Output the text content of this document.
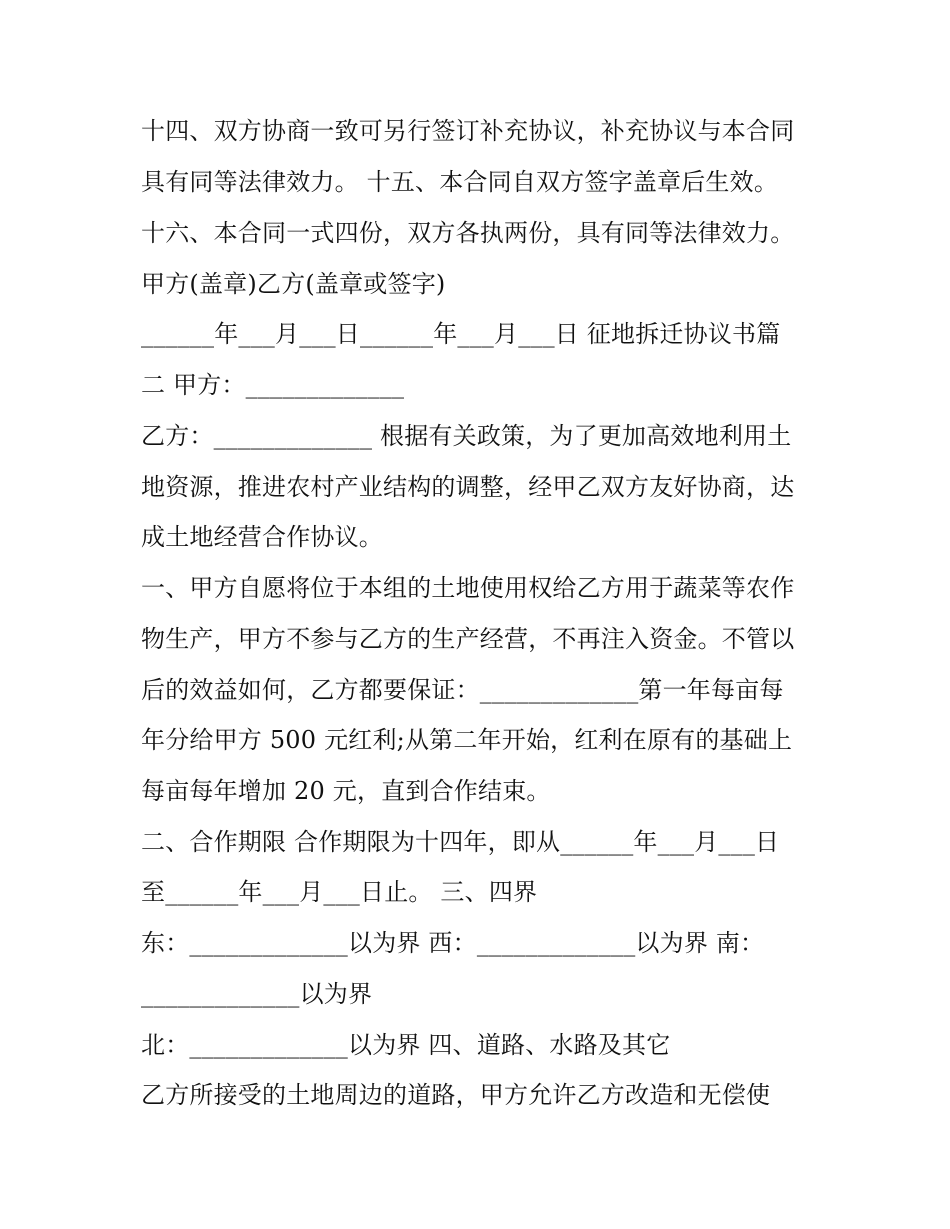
十四、双方协商一致可另行签订补充协议，补充协议与本合同
具有同等法律效力。 十五、本合同自双方签字盖章后生效。
十六、本合同一式四份，双方各执两份，具有同等法律效力。
甲方(盖章)乙方(盖章或签字)
______年___月___日______年___月___日 征地拆迁协议书篇
二 甲方：_____________
乙方：_____________ 根据有关政策，为了更加高效地利用土
地资源，推进农村产业结构的调整，经甲乙双方友好协商，达
成土地经营合作协议。
一、甲方自愿将位于本组的土地使用权给乙方用于蔬菜等农作
物生产，甲方不参与乙方的生产经营，不再注入资金。不管以
后的效益如何，乙方都要保证：_____________第一年每亩每
年分给甲方 500 元红利;从第二年开始，红利在原有的基础上
每亩每年增加 20 元，直到合作结束。
二、合作期限 合作期限为十四年，即从______年___月___日
至______年___月___日止。 三、四界
东：_____________以为界 西：_____________以为界 南：
_____________以为界
北：_____________以为界 四、道路、水路及其它
乙方所接受的土地周边的道路，甲方允许乙方改造和无偿使
